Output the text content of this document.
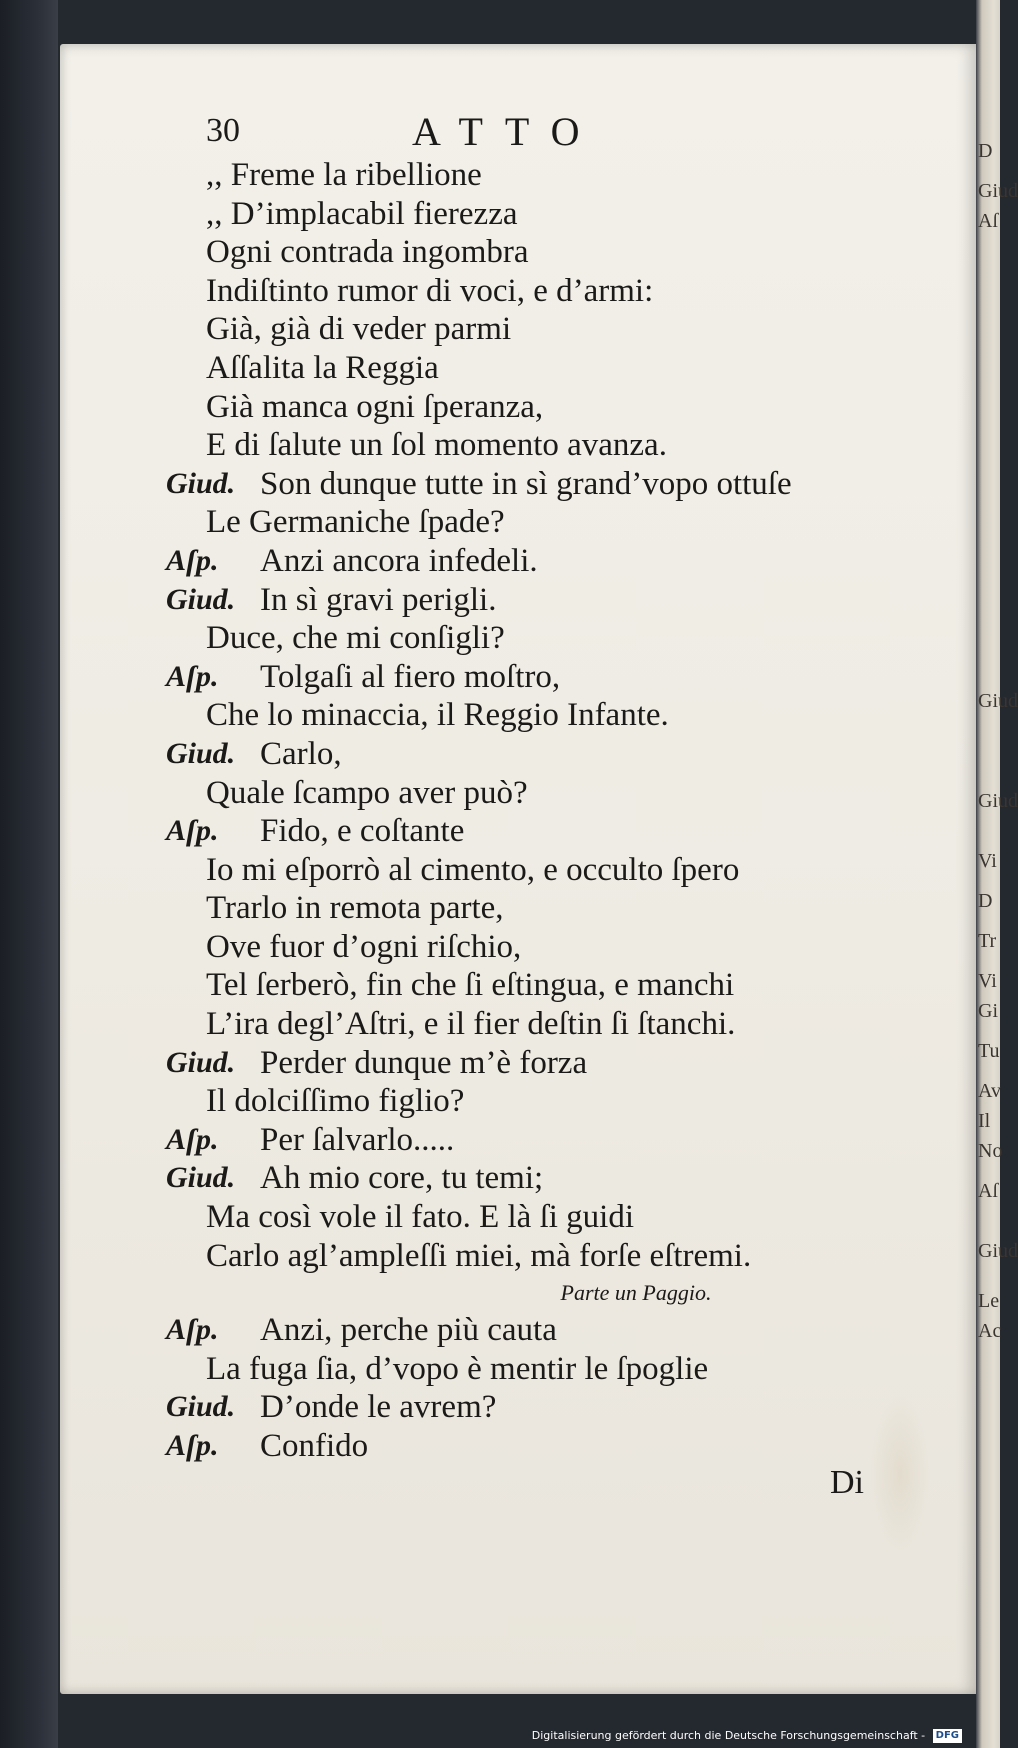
D
Giud
Aſ
Giud
Giud
Vi
D
Tr
Vi
Gi
Tu
Av
Il
No
Aſ
Giud
Le
Ac
30	ATTO
,, Freme la ribellione
,, D’implacabil fierezza
Ogni contrada ingombra
Indiſtinto rumor di voci, e d’armi:
Già, già di veder parmi
Aſſalita la Reggia
Già manca ogni ſperanza,
E di ſalute un ſol momento avanza.
Giud. Son dunque tutte in sì grand’vopo ottuſe
Le Germaniche ſpade?
Aſp. Anzi ancora infedeli.
Giud. In sì gravi perigli.
Duce, che mi conſigli?
Aſp. Tolgaſi al fiero moſtro,
Che lo minaccia, il Reggio Infante.
Giud. Carlo,
Quale ſcampo aver può?
Aſp. Fido, e coſtante
Io mi eſporrò al cimento, e occulto ſpero
Trarlo in remota parte,
Ove fuor d’ogni riſchio,
Tel ſerberò, fin che ſi eſtingua, e manchi
L’ira degl’Aſtri, e il fier deſtin ſi ſtanchi.
Giud. Perder dunque m’è forza
Il dolciſſimo figlio?
Aſp. Per ſalvarlo.....
Giud. Ah mio core, tu temi;
Ma così vole il fato. E là ſi guidi
Carlo agl’ampleſſi miei, mà forſe eſtremi.
Parte un Paggio.
Aſp. Anzi, perche più cauta
La fuga ſia, d’vopo è mentir le ſpoglie
Giud. D’onde le avrem?
Aſp. Confido
Di
Digitalisierung gefördert durch die Deutsche Forschungsgemeinschaft - DFG
